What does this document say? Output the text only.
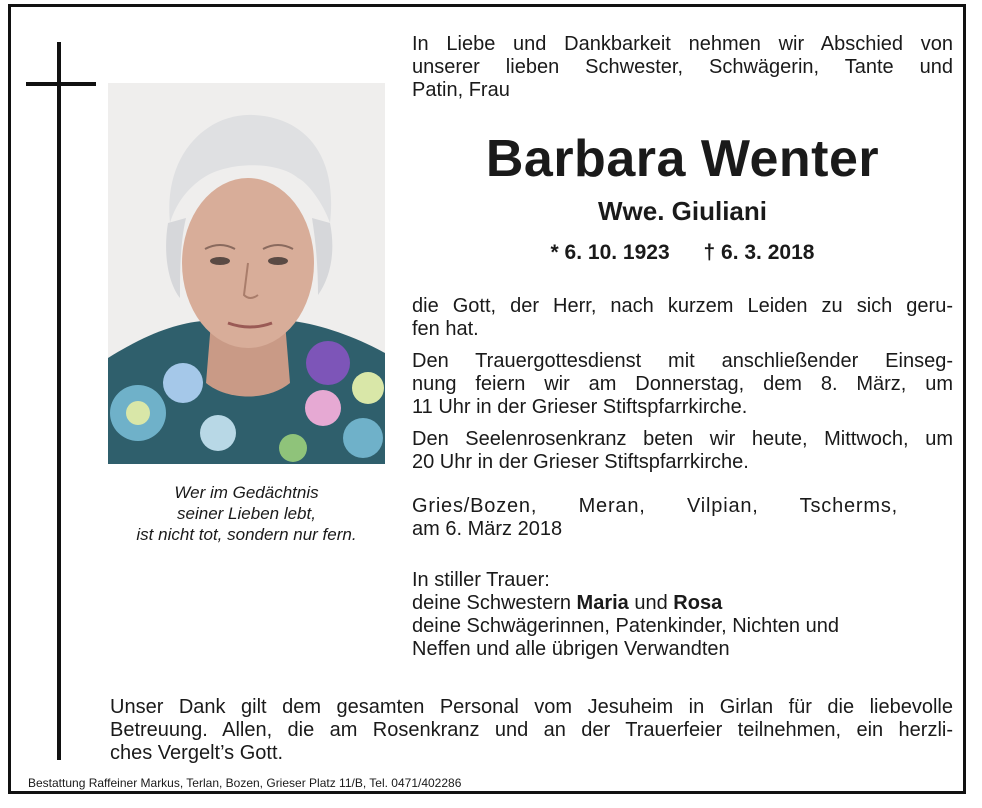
Wer im Gedächtnis
seiner Lieben lebt,
ist nicht tot, sondern nur fern.
In Liebe und Dankbarkeit nehmen wir Abschied von
unserer lieben Schwester, Schwägerin, Tante und
Patin, Frau
Barbara Wenter
Wwe. Giuliani
* 6. 10. 1923 † 6. 3. 2018
die Gott, der Herr, nach kurzem Leiden zu sich geru-
fen hat.
Den Trauergottesdienst mit anschließender Einseg-
nung feiern wir am Donnerstag, dem 8. März, um
11 Uhr in der Grieser Stiftspfarrkirche.
Den Seelenrosenkranz beten wir heute, Mittwoch, um
20 Uhr in der Grieser Stiftspfarrkirche.
Gries/Bozen, Meran, Vilpian, Tscherms,
am 6. März 2018
In stiller Trauer:
deine Schwestern Maria und Rosa
deine Schwägerinnen, Patenkinder, Nichten und
Neffen und alle übrigen Verwandten
Unser Dank gilt dem gesamten Personal vom Jesuheim in Girlan für die liebevolle
Betreuung. Allen, die am Rosenkranz und an der Trauerfeier teilnehmen, ein herzli-
ches Vergelt’s Gott.
Bestattung Raffeiner Markus, Terlan, Bozen, Grieser Platz 11/B, Tel. 0471/402286
